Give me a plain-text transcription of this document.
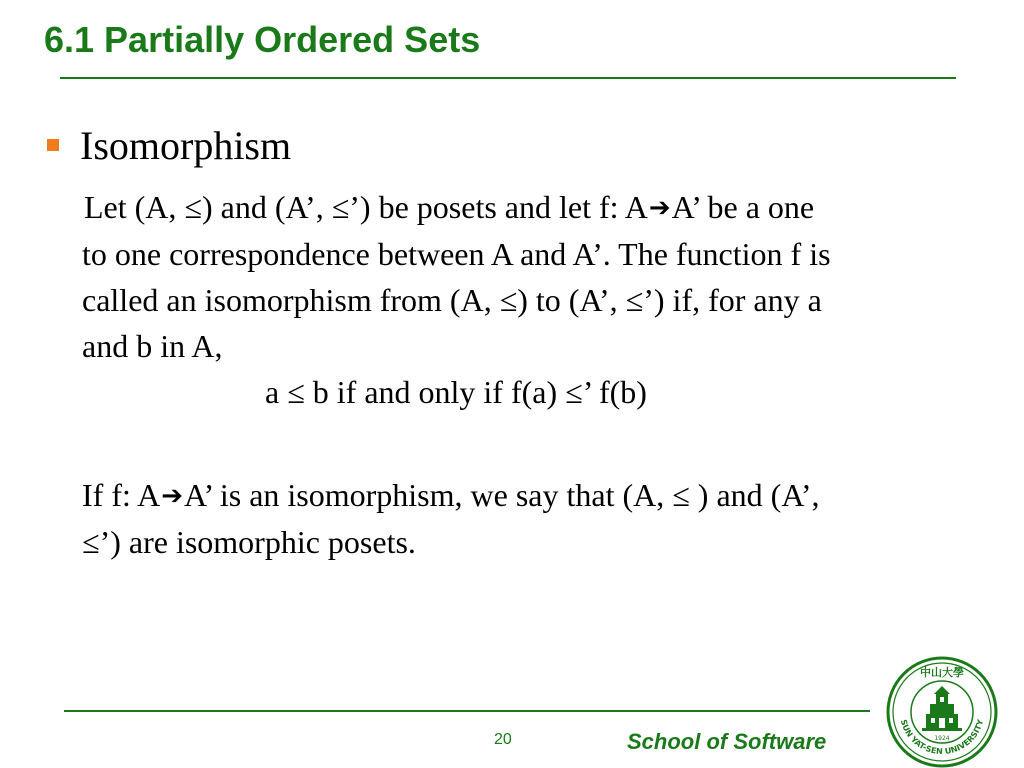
6.1 Partially Ordered Sets
Isomorphism
Let (A, ≤) and (A’, ≤’) be posets and let f: A➔A’ be a one
to one correspondence between A and A’. The function f is
called an isomorphism from (A, ≤) to (A’, ≤’) if, for any a
and b in A,
a ≤ b if and only if f(a) ≤’ f(b)
If f: A➔A’ is an isomorphism, we say that (A, ≤ ) and (A’,
≤’) are isomorphic posets.
20	School of Software	1924
中山大學
SUN YAT-SEN UNIVERSITY
